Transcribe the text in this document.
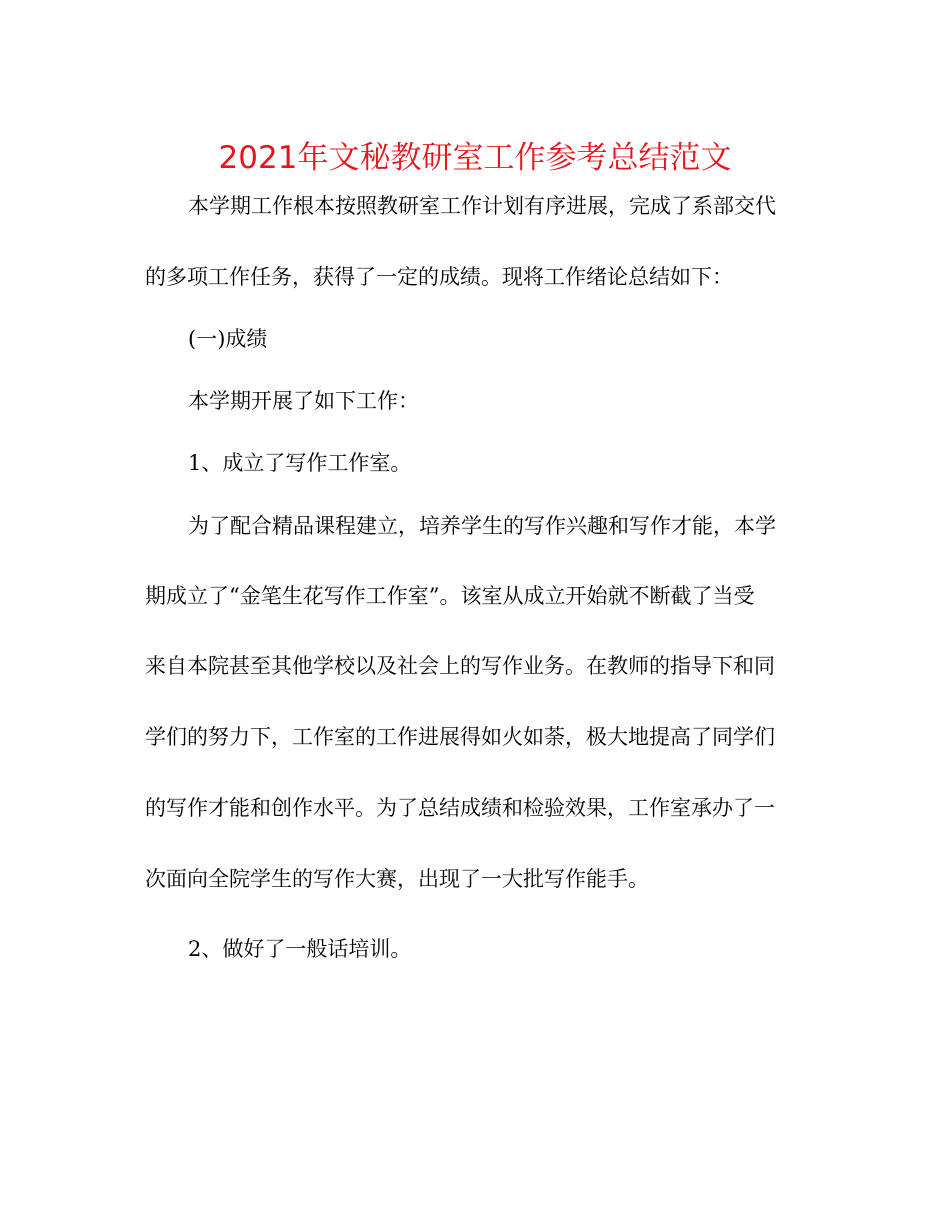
2021年文秘教研室工作参考总结范文
本学期工作根本按照教研室工作计划有序进展，完成了系部交代
的多项工作任务，获得了一定的成绩。现将工作绪论总结如下：
(一)成绩
本学期开展了如下工作：
1、成立了写作工作室。
为了配合精品课程建立，培养学生的写作兴趣和写作才能，本学
期成立了“金笔生花写作工作室”。该室从成立开始就不断截了当受
来自本院甚至其他学校以及社会上的写作业务。在教师的指导下和同
学们的努力下，工作室的工作进展得如火如荼，极大地提高了同学们
的写作才能和创作水平。为了总结成绩和检验效果，工作室承办了一
次面向全院学生的写作大赛，出现了一大批写作能手。
2、做好了一般话培训。
